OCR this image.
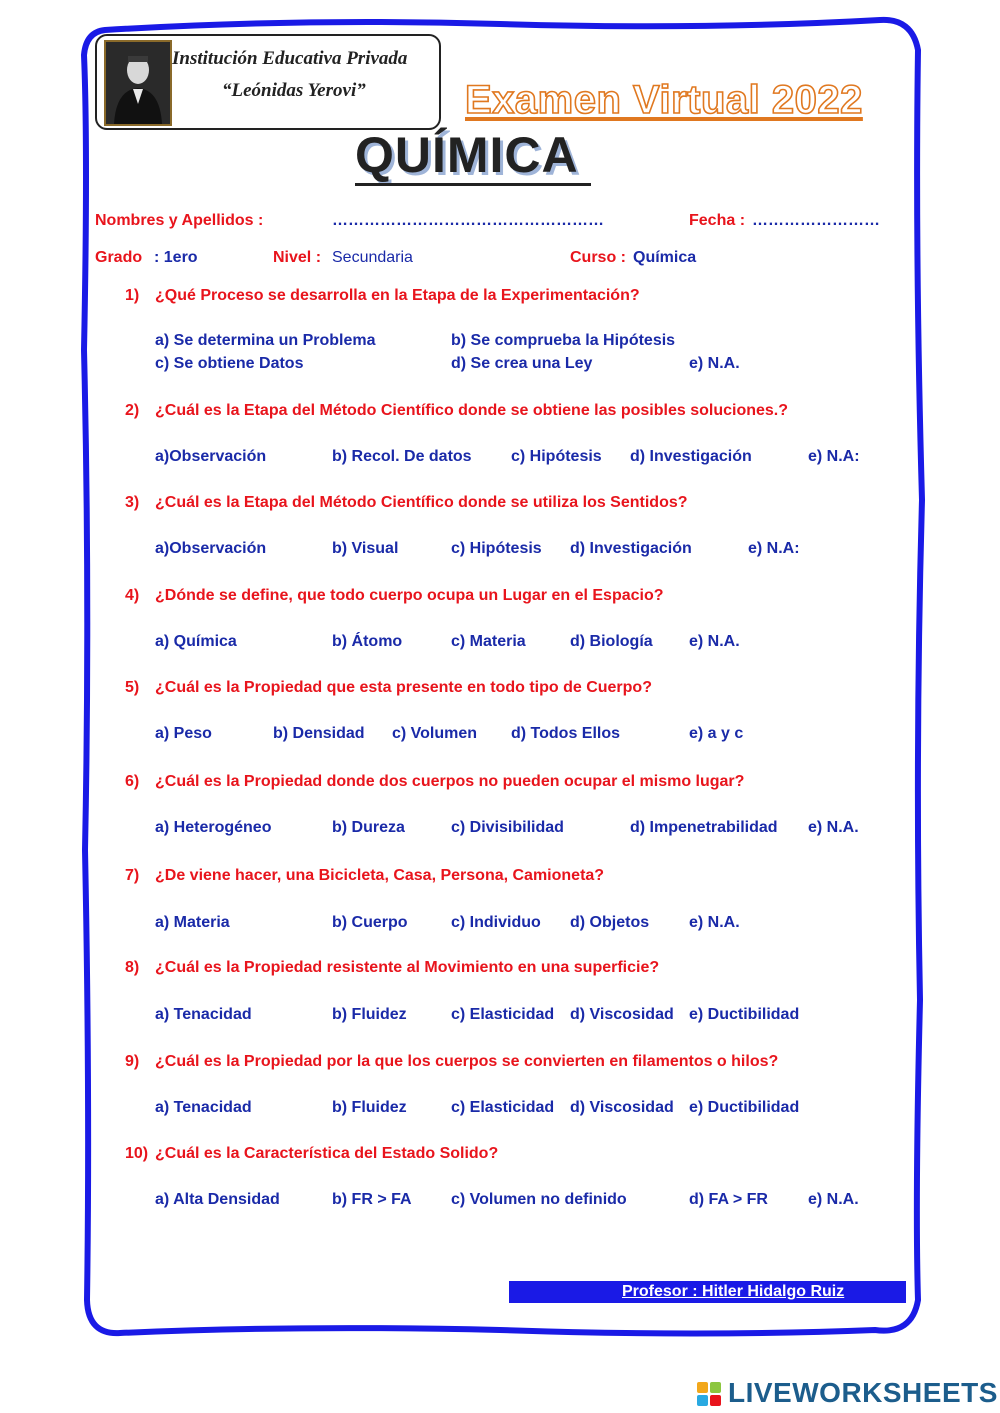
Institución Educativa Privada
“Leónidas Yerovi” Examen Virtual 2022
QUÍMICA
Nombres y Apellidos :	……………………………………………	Fecha : ……………………
Grado : 1ero	Nivel : Secundaria	Curso : Química
1) ¿Qué Proceso se desarrolla en la Etapa de la Experimentación?
a) Se determina un Problema	b) Se comprueba la Hipótesis
c) Se obtiene Datos	d) Se crea una Ley	e) N.A.
2) ¿Cuál es la Etapa del Método Científico donde se obtiene las posibles soluciones.?
a)Observación	b) Recol. De datos c) Hipótesis d) Investigación	e) N.A:
3) ¿Cuál es la Etapa del Método Científico donde se utiliza los Sentidos?
a)Observación	b) Visual	c) Hipótesis d) Investigación	e) N.A:
4) ¿Dónde se define, que todo cuerpo ocupa un Lugar en el Espacio?
a) Química	b) Átomo	c) Materia	d) Biología e) N.A.
5) ¿Cuál es la Propiedad que esta presente en todo tipo de Cuerpo?
a) Peso	b) Densidad c) Volumen d) Todos Ellos	e) a y c
6) ¿Cuál es la Propiedad donde dos cuerpos no pueden ocupar el mismo lugar?
a) Heterogéneo	b) Dureza	c) Divisibilidad	d) Impenetrabilidad e) N.A.
7) ¿De viene hacer, una Bicicleta, Casa, Persona, Camioneta?
a) Materia	b) Cuerpo	c) Individuo d) Objetos e) N.A.
8) ¿Cuál es la Propiedad resistente al Movimiento en una superficie?
a) Tenacidad	b) Fluidez	c) Elasticidad d) Viscosidad e) Ductibilidad
9) ¿Cuál es la Propiedad por la que los cuerpos se convierten en filamentos o hilos?
a) Tenacidad	b) Fluidez	c) Elasticidad d) Viscosidad e) Ductibilidad
10) ¿Cuál es la Característica del Estado Solido?
a) Alta Densidad	b) FR > FA c) Volumen no definido	d) FA > FR	e) N.A.
Profesor : Hitler Hidalgo Ruiz
LIVEWORKSHEETS
